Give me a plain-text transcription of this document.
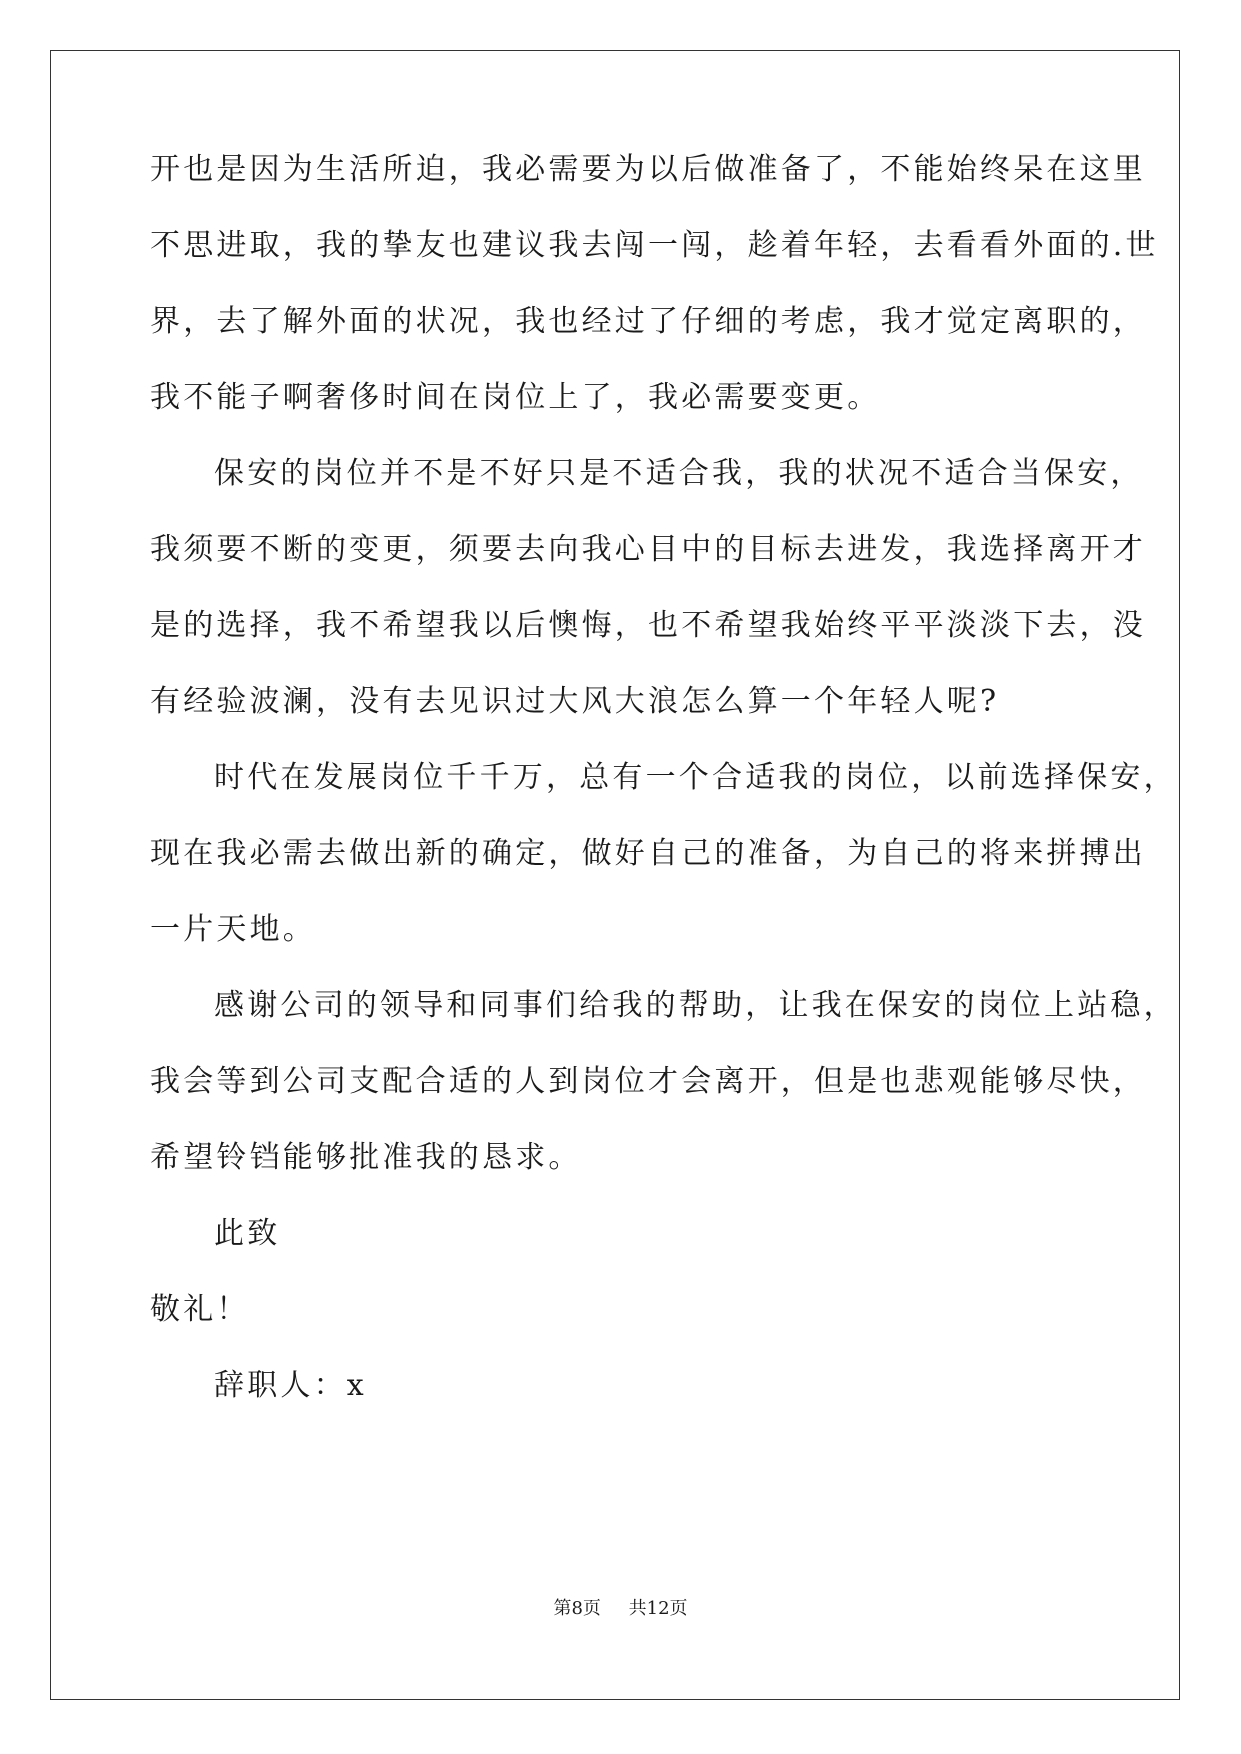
开也是因为生活所迫，我必需要为以后做准备了，不能始终呆在这里
不思进取，我的挚友也建议我去闯一闯，趁着年轻，去看看外面的.世
界，去了解外面的状况，我也经过了仔细的考虑，我才觉定离职的，
我不能子啊奢侈时间在岗位上了，我必需要变更。
保安的岗位并不是不好只是不适合我，我的状况不适合当保安，
我须要不断的变更，须要去向我心目中的目标去进发，我选择离开才
是的选择，我不希望我以后懊悔，也不希望我始终平平淡淡下去，没
有经验波澜，没有去见识过大风大浪怎么算一个年轻人呢?
时代在发展岗位千千万，总有一个合适我的岗位，以前选择保安，
现在我必需去做出新的确定，做好自己的准备，为自己的将来拼搏出
一片天地。
感谢公司的领导和同事们给我的帮助，让我在保安的岗位上站稳，
我会等到公司支配合适的人到岗位才会离开，但是也悲观能够尽快，
希望铃铛能够批准我的恳求。
此致
敬礼！
辞职人：x
第8页 共12页
